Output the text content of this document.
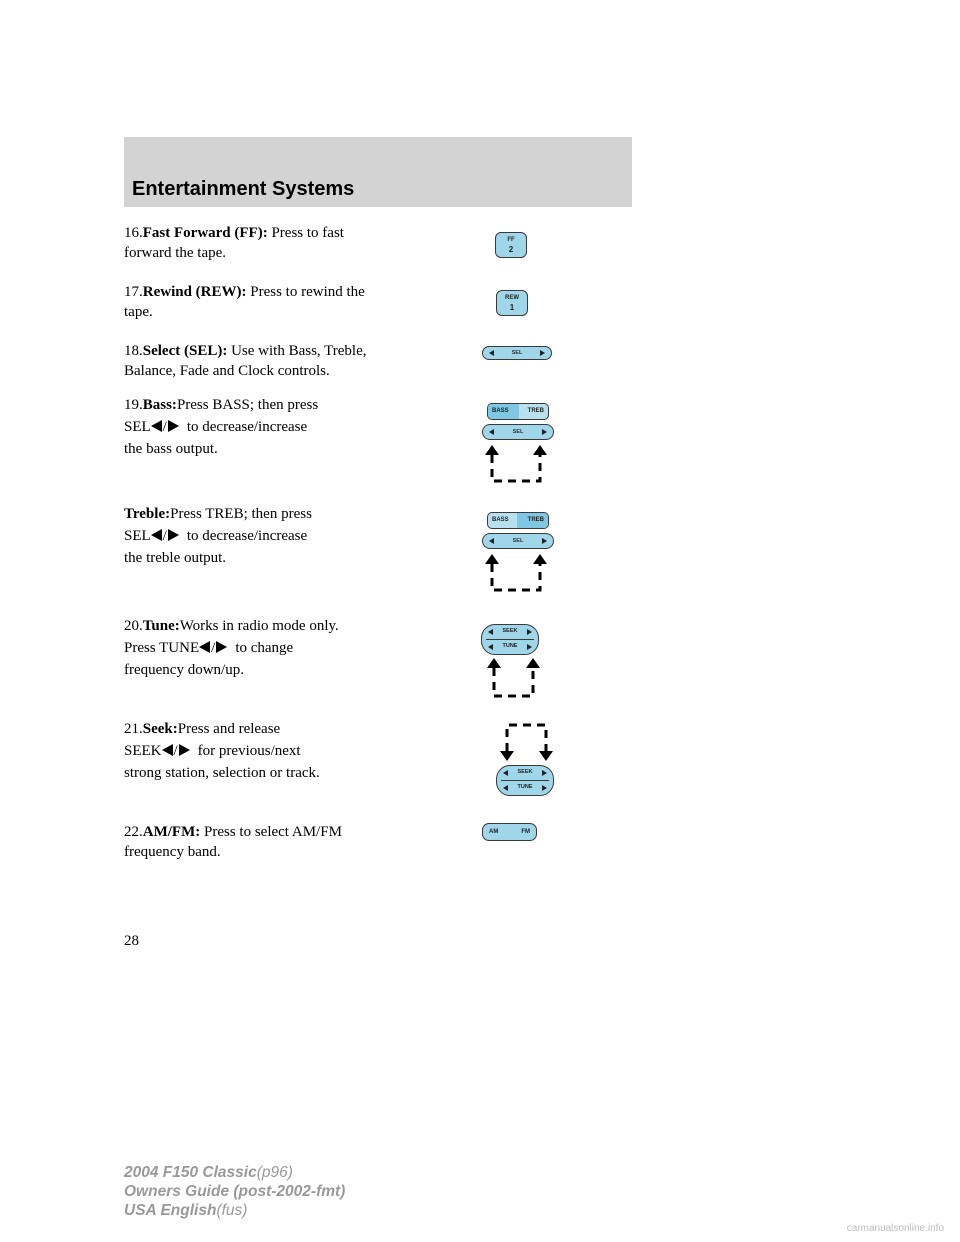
Entertainment Systems
16.Fast Forward (FF): Press to fast forward the tape.
FF
2
17.Rewind (REW): Press to rewind the tape.
REW
1
18.Select (SEL): Use with Bass, Treble, Balance, Fade and Clock controls.
SEL
19.Bass:Press BASS; then press
SEL / to decrease/increase
the bass output.
BASS	TREB
SEL
Treble:Press TREB; then press
SEL / to decrease/increase
the treble output.
BASS	TREB
SEL
20.Tune:Works in radio mode only.
Press TUNE / to change
frequency down/up.
SEEK
TUNE
21.Seek:Press and release
SEEK / for previous/next
strong station, selection or track.	SEEK
TUNE
22.AM/FM: Press to select AM/FM frequency band.
AM	FM
28
2004 F150 Classic(p96)
Owners Guide (post-2002-fmt)
USA English(fus)
carmanualsonline.info
